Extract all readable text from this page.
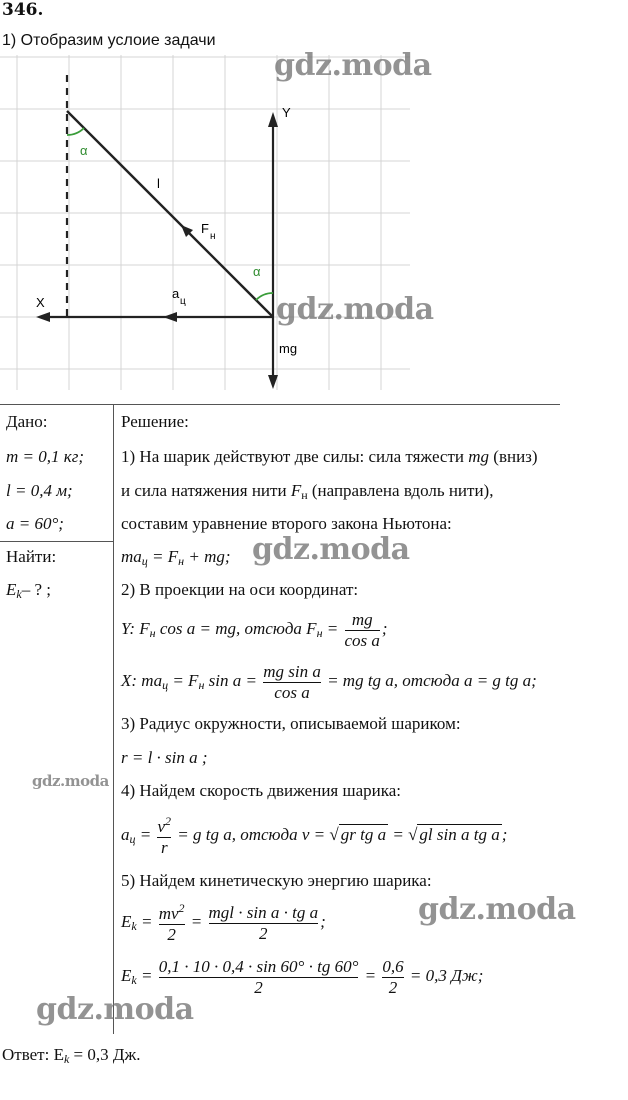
346.
1) Отобразим услоие задачи
Y
X
α
α
l
F
н
a
ц
mg
Дано:
m = 0,1 кг;
l = 0,4 м;
a = 60°;
Найти:
$E_k-$ ? ;
Решение:
1) На шарик действуют две силы: сила тяжести mg (вниз)
и сила натяжения нити $F_н$ (направлена вдоль нити),
составим уравнение второго закона Ньютона:
$ma_ц = F_н$ + mg;
2) В проекции на оси координат:
Y: $F_н$ cos a = mg, отсюда $F_н = \frac{mg}{\text{cos a}}$ ;
X: $ma_ц = F_н$ $\sin a = \frac{\text{mg sin a}}{\text{cos a}}$ = mg tg a, отсюда a = g tg a;
3) Радиус окружности, описываемой шариком:
r = l · sin a ;
4) Найдем скорость движения шарика:
$a_ц = \frac{v^2}{r} = g$ tg a, отсюда v = √ gr tg a = √ gl sin a tg a ;
5) Найдем кинетическую энергию шарика:
$E_k = \frac{mv^2}{2} = \frac{\text{mgl · sin a · tg a}}{2}$ ;
$E_k = \frac{0,1 \cdot 10 \cdot 0,4 \cdot \sin 60^\circ \cdot tg 60^\circ}{2} = \frac{0,6}{2} = 0,3$ Дж;
Ответ: $E_k = 0,3$ Дж.
gdz.moda
gdz.moda
gdz.moda
gdz.moda
gdz.moda
gdz.moda
